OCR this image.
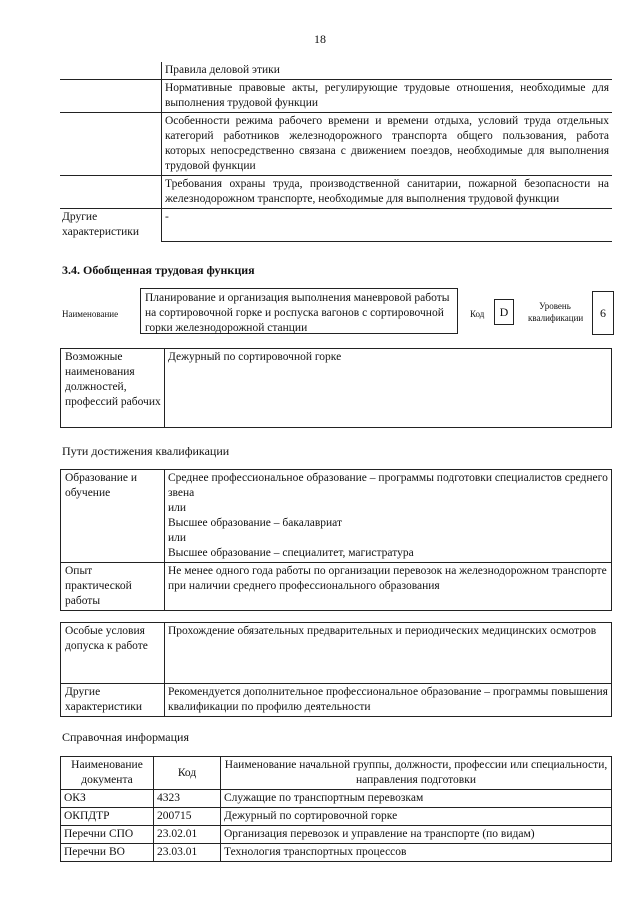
18
	Правила деловой этики
	Нормативные правовые акты, регулирующие трудовые отношения, необходимые для выполнения трудовой функции
	Особенности режима рабочего времени и времени отдыха, условий труда отдельных категорий работников железнодорожного транспорта общего пользования, работа которых непосредственно связана с движением поездов, необходимые для выполнения трудовой функции
	Требования охраны труда, производственной санитарии, пожарной безопасности на железнодорожном транспорте, необходимые для выполнения трудовой функции
Другие характеристики	-
3.4. Обобщенная трудовая функция
Наименование
Планирование и организация выполнения маневровой работы на сортировочной горке и роспуска вагонов с сортировочной горки железнодорожной станции
Код	D	Уровень квалификации	6
Возможные наименования должностей, профессий рабочих	Дежурный по сортировочной горке
Пути достижения квалификации
Образование и обучение	Среднее профессиональное образование – программы подготовки специалистов среднего звена
или
Высшее образование – бакалавриат
или
Высшее образование – специалитет, магистратура

Опыт практической работы	Не менее одного года работы по организации перевозок на железнодорожном транспорте при наличии среднего профессионального образования
Особые условия допуска к работе	Прохождение обязательных предварительных и периодических медицинских осмотров
Другие характеристики	Рекомендуется дополнительное профессиональное образование – программы повышения квалификации по профилю деятельности
Справочная информация
Наименование документа	Код	Наименование начальной группы, должности, профессии или специальности, направления подготовки
ОКЗ	4323	Служащие по транспортным перевозкам
ОКПДТР	200715	Дежурный по сортировочной горке
Перечни СПО	23.02.01	Организация перевозок и управление на транспорте (по видам)
Перечни ВО	23.03.01	Технология транспортных процессов
